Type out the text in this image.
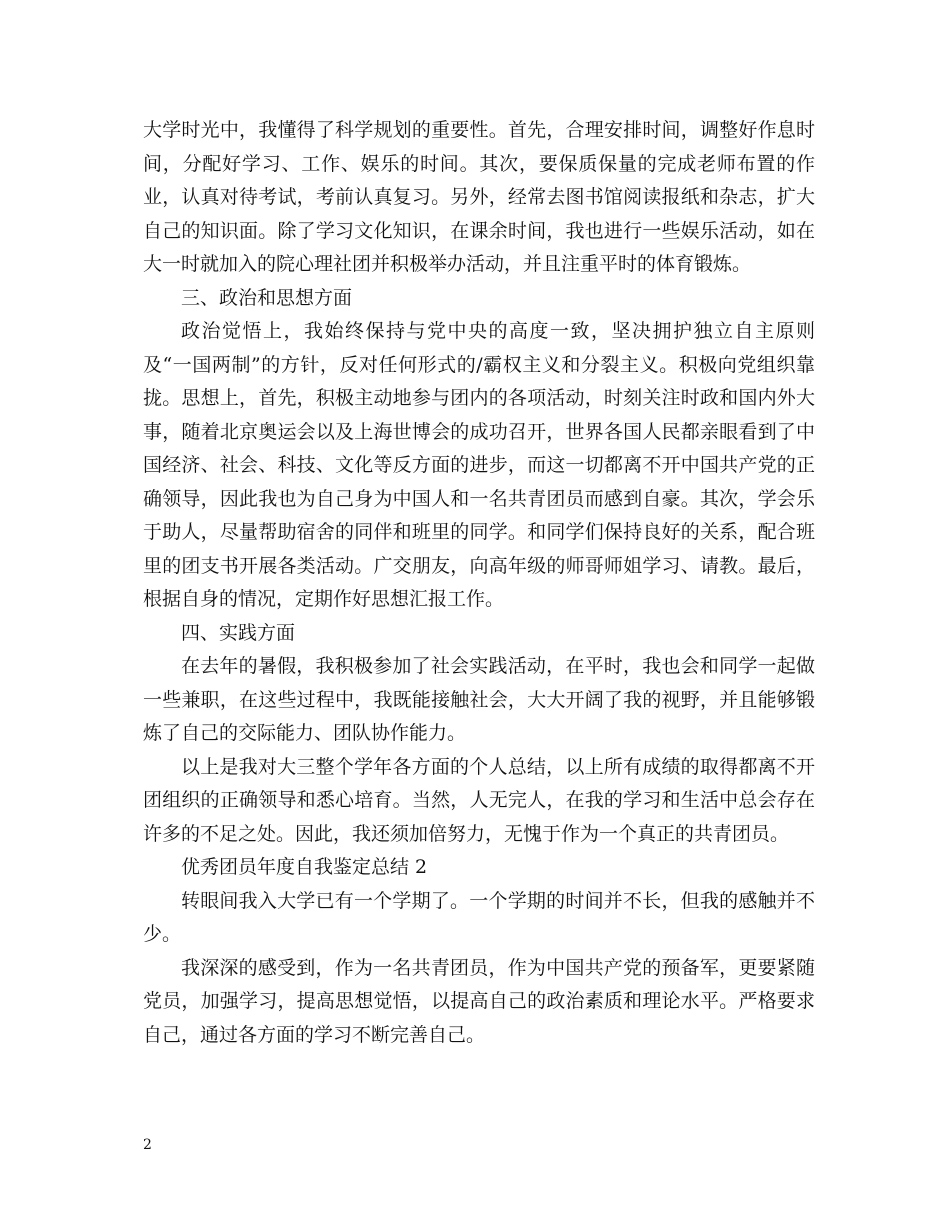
大学时光中，我懂得了科学规划的重要性。首先，合理安排时间，调整好作息时间，分配好学习、工作、娱乐的时间。其次，要保质保量的完成老师布置的作业，认真对待考试，考前认真复习。另外，经常去图书馆阅读报纸和杂志，扩大自己的知识面。除了学习文化知识，在课余时间，我也进行一些娱乐活动，如在大一时就加入的院心理社团并积极举办活动，并且注重平时的体育锻炼。

三、政治和思想方面

政治觉悟上，我始终保持与党中央的高度一致，坚决拥护独立自主原则及“一国两制”的方针，反对任何形式的/霸权主义和分裂主义。积极向党组织靠拢。思想上，首先，积极主动地参与团内的各项活动，时刻关注时政和国内外大事，随着北京奥运会以及上海世博会的成功召开，世界各国人民都亲眼看到了中国经济、社会、科技、文化等反方面的进步，而这一切都离不开中国共产党的正确领导，因此我也为自己身为中国人和一名共青团员而感到自豪。其次，学会乐于助人，尽量帮助宿舍的同伴和班里的同学。和同学们保持良好的关系，配合班里的团支书开展各类活动。广交朋友，向高年级的师哥师姐学习、请教。最后，根据自身的情况，定期作好思想汇报工作。

四、实践方面

在去年的暑假，我积极参加了社会实践活动，在平时，我也会和同学一起做一些兼职，在这些过程中，我既能接触社会，大大开阔了我的视野，并且能够锻炼了自己的交际能力、团队协作能力。

以上是我对大三整个学年各方面的个人总结，以上所有成绩的取得都离不开团组织的正确领导和悉心培育。当然，人无完人，在我的学习和生活中总会存在许多的不足之处。因此，我还须加倍努力，无愧于作为一个真正的共青团员。

优秀团员年度自我鉴定总结 2

转眼间我入大学已有一个学期了。一个学期的时间并不长，但我的感触并不少。

我深深的感受到，作为一名共青团员，作为中国共产党的预备军，更要紧随党员，加强学习，提高思想觉悟，以提高自己的政治素质和理论水平。严格要求自己，通过各方面的学习不断完善自己。

2
